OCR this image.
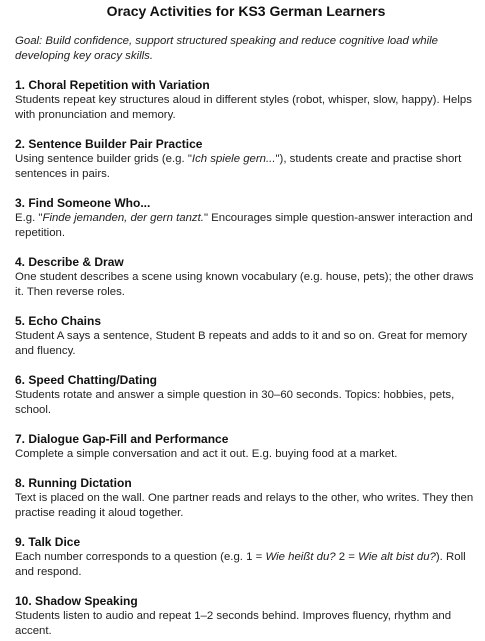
Oracy Activities for KS3 German Learners

Goal: Build confidence, support structured speaking and reduce cognitive load while developing key oracy skills.

1. Choral Repetition with Variation

Students repeat key structures aloud in different styles (robot, whisper, slow, happy). Helps with pronunciation and memory.

2. Sentence Builder Pair Practice

Using sentence builder grids (e.g. "Ich spiele gern..."), students create and practise short sentences in pairs.

3. Find Someone Who...

E.g. "Finde jemanden, der gern tanzt." Encourages simple question-answer interaction and repetition.

4. Describe & Draw

One student describes a scene using known vocabulary (e.g. house, pets); the other draws it. Then reverse roles.

5. Echo Chains

Student A says a sentence, Student B repeats and adds to it and so on. Great for memory and fluency.

6. Speed Chatting/Dating

Students rotate and answer a simple question in 30–60 seconds. Topics: hobbies, pets, school.

7. Dialogue Gap-Fill and Performance

Complete a simple conversation and act it out. E.g. buying food at a market.

8. Running Dictation

Text is placed on the wall. One partner reads and relays to the other, who writes. They then practise reading it aloud together.

9. Talk Dice

Each number corresponds to a question (e.g. 1 = Wie heißt du? 2 = Wie alt bist du?). Roll and respond.

10. Shadow Speaking

Students listen to audio and repeat 1–2 seconds behind. Improves fluency, rhythm and accent.
